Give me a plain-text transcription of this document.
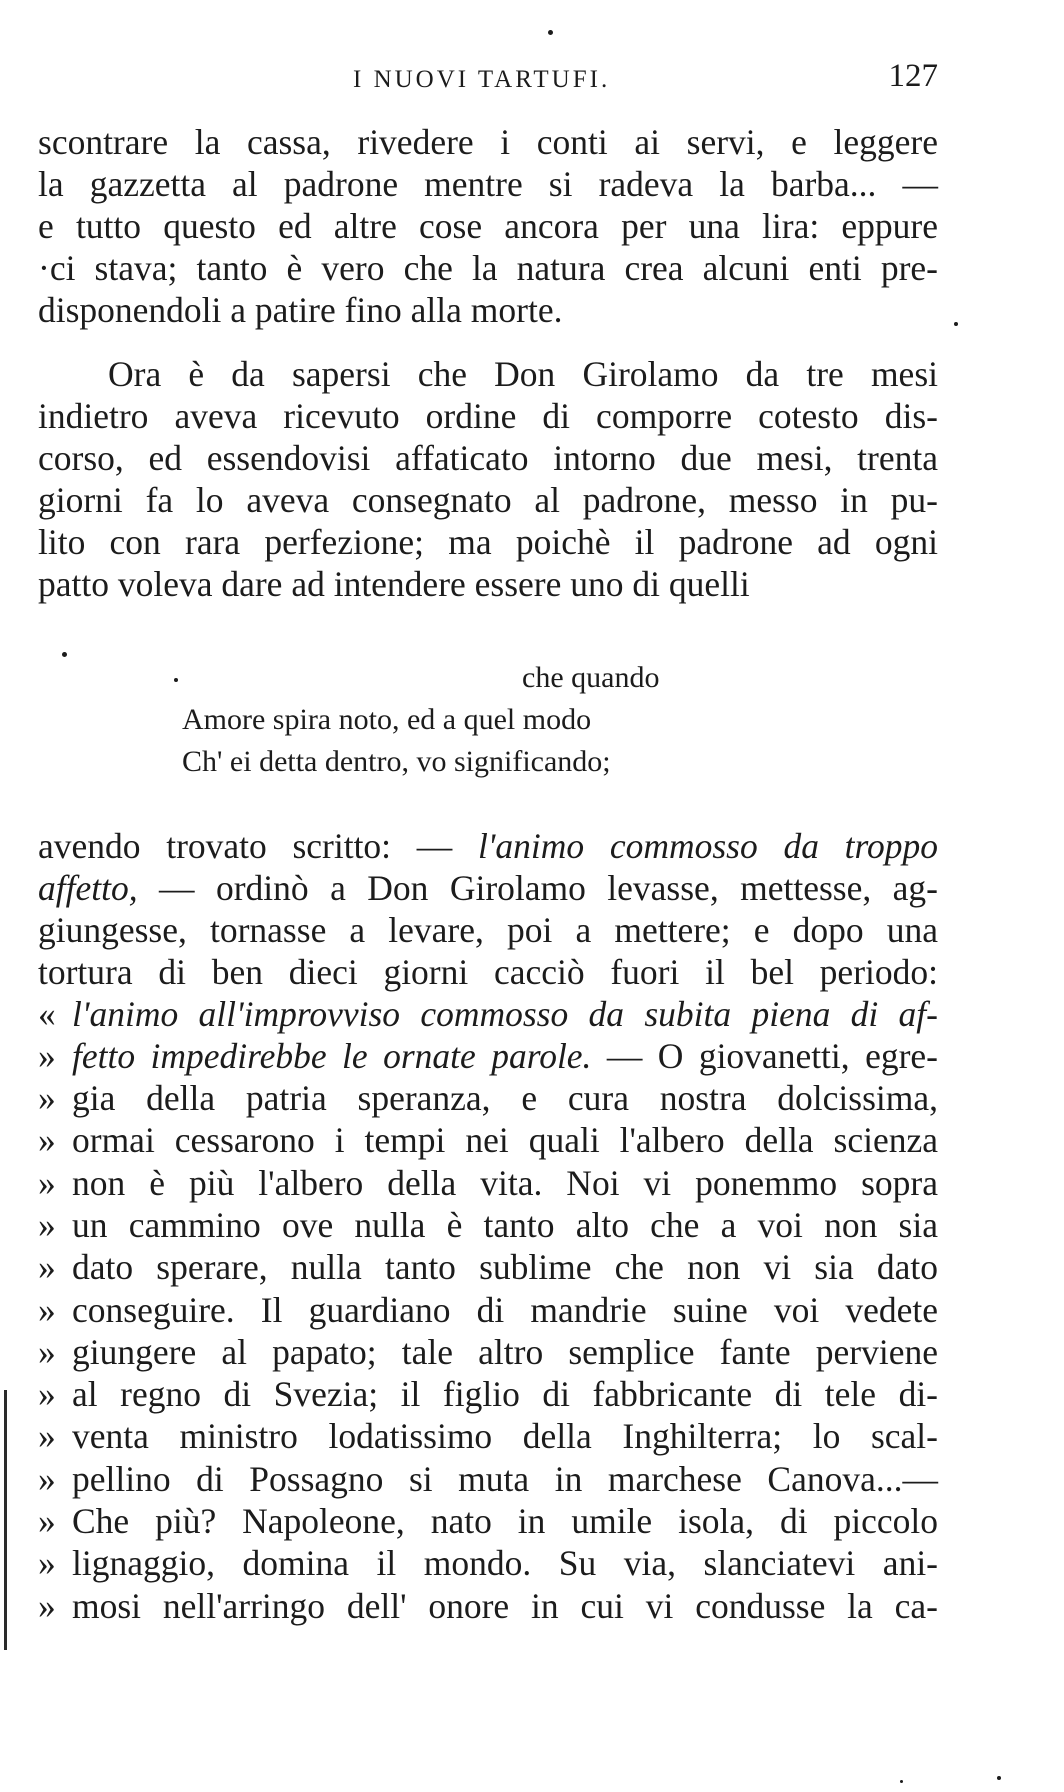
I NUOVI TARTUFI.	127
scontrare la cassa, rivedere i conti ai servi, e leggere
la gazzetta al padrone mentre si radeva la barba... —
e tutto questo ed altre cose ancora per una lira: eppure
·ci stava; tanto è vero che la natura crea alcuni enti pre-
disponendoli a patire fino alla morte.
Ora è da sapersi che Don Girolamo da tre mesi
indietro aveva ricevuto ordine di comporre cotesto dis-
corso, ed essendovisi affaticato intorno due mesi, trenta
giorni fa lo aveva consegnato al padrone, messo in pu-
lito con rara perfezione; ma poichè il padrone ad ogni
patto voleva dare ad intendere essere uno di quelli
che quando
Amore spira noto, ed a quel modo
Ch' ei detta dentro, vo significando;
avendo trovato scritto: — l'animo commosso da troppo
affetto, — ordinò a Don Girolamo levasse, mettesse, ag-
giungesse, tornasse a levare, poi a mettere; e dopo una
tortura di ben dieci giorni cacciò fuori il bel periodo:
« l'animo all'improvviso commosso da subita piena di af-
» fetto impedirebbe le ornate parole. — O giovanetti, egre-
» gia della patria speranza, e cura nostra dolcissima,
» ormai cessarono i tempi nei quali l'albero della scienza
» non è più l'albero della vita. Noi vi ponemmo sopra
» un cammino ove nulla è tanto alto che a voi non sia
» dato sperare, nulla tanto sublime che non vi sia dato
» conseguire. Il guardiano di mandrie suine voi vedete
» giungere al papato; tale altro semplice fante perviene
» al regno di Svezia; il figlio di fabbricante di tele di-
» venta ministro lodatissimo della Inghilterra; lo scal-
» pellino di Possagno si muta in marchese Canova...—
» Che più? Napoleone, nato in umile isola, di piccolo
» lignaggio, domina il mondo. Su via, slanciatevi ani-
» mosi nell'arringo dell' onore in cui vi condusse la ca-
